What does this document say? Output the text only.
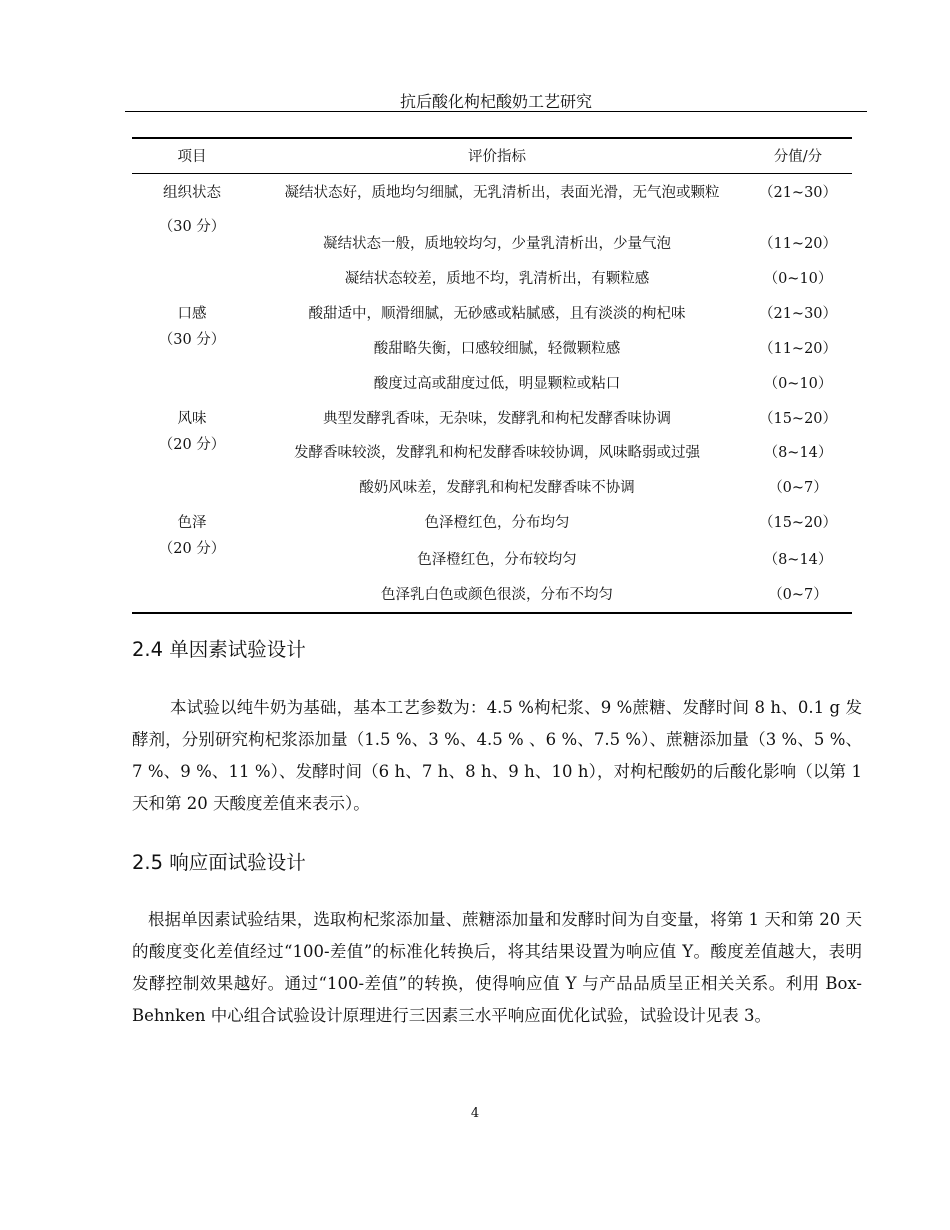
抗后酸化枸杞酸奶工艺研究
项目	评价指标	分值/分
组织状态
（30 分）
凝结状态好，质地均匀细腻，无乳清析出，表面光滑，无气泡或颗粒	（21~30）
凝结状态一般，质地较均匀，少量乳清析出，少量气泡	（11~20）
凝结状态较差，质地不均，乳清析出，有颗粒感	（0~10）
口感
（30 分）
酸甜适中，顺滑细腻，无砂感或粘腻感，且有淡淡的枸杞味	（21~30）
酸甜略失衡，口感较细腻，轻微颗粒感	（11~20）
酸度过高或甜度过低，明显颗粒或粘口	（0~10）
风味
（20 分）
典型发酵乳香味，无杂味，发酵乳和枸杞发酵香味协调	（15~20）
发酵香味较淡，发酵乳和枸杞发酵香味较协调，风味略弱或过强	（8~14）
酸奶风味差，发酵乳和枸杞发酵香味不协调	（0~7）
色泽
（20 分）
色泽橙红色，分布均匀	（15~20）
色泽橙红色，分布较均匀	（8~14）
色泽乳白色或颜色很淡，分布不均匀	（0~7）
2.4 单因素试验设计
本试验以纯牛奶为基础，基本工艺参数为：4.5 %枸杞浆、9 %蔗糖、发酵时间 8 h、0.1 g 发酵剂，分别研究枸杞浆添加量（1.5 %、3 %、4.5 % 、6 %、7.5 %）、蔗糖添加量（3 %、5 %、7 %、9 %、11 %）、发酵时间（6 h、7 h、8 h、9 h、10 h），对枸杞酸奶的后酸化影响（以第 1 天和第 20 天酸度差值来表示）。
2.5 响应面试验设计
根据单因素试验结果，选取枸杞浆添加量、蔗糖添加量和发酵时间为自变量，将第 1 天和第 20 天的酸度变化差值经过“100-差值”的标准化转换后，将其结果设置为响应值 Y。酸度差值越大，表明发酵控制效果越好。通过“100-差值”的转换，使得响应值 Y 与产品品质呈正相关关系。利用 Box-Behnken 中心组合试验设计原理进行三因素三水平响应面优化试验，试验设计见表 3。
4
